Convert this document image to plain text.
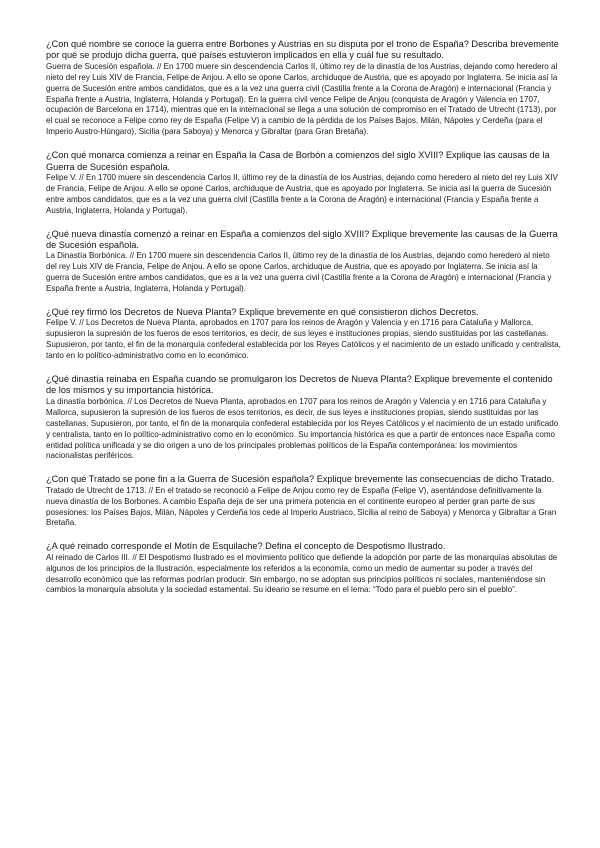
¿Con qué nombre se conoce la guerra entre Borbones y Austrias en su disputa por el trono de España? Describa brevemente por qué se produjo dicha guerra, qué países estuvieron implicados en ella y cuál fue su resultado.

Guerra de Sucesión española. // En 1700 muere sin descendencia Carlos II, último rey de la dinastía de los Austrias, dejando como heredero al nieto del rey Luis XIV de Francia, Felipe de Anjou. A ello se opone Carlos, archiduque de Austria, que es apoyado por Inglaterra. Se inicia así la guerra de Sucesión entre ambos candidatos, que es a la vez una guerra civil (Castilla frente a la Corona de Aragón) e internacional (Francia y España frente a Austria, Inglaterra, Holanda y Portugal). En la guerra civil vence Felipe de Anjou (conquista de Aragón y Valencia en 1707, ocupación de Barcelona en 1714), mientras que en la internacional se llega a una solución de compromiso en el Tratado de Utrecht (1713), por el cual se reconoce a Felipe como rey de España (Felipe V) a cambio de la pérdida de los Países Bajos, Milán, Nápoles y Cerdeña (para el Imperio Austro-Húngaro), Sicilia (para Saboya) y Menorca y Gibraltar (para Gran Bretaña).

¿Con qué monarca comienza a reinar en España la Casa de Borbón a comienzos del siglo XVIII? Explique las causas de la Guerra de Sucesión española.

Felipe V. // En 1700 muere sin descendencia Carlos II, último rey de la dinastía de los Austrias, dejando como heredero al nieto del rey Luis XIV de Francia, Felipe de Anjou. A ello se opone Carlos, archiduque de Austria, que es apoyado por Inglaterra. Se inicia así la guerra de Sucesión entre ambos candidatos, que es a la vez una guerra civil (Castilla frente a la Corona de Aragón) e internacional (Francia y España frente a Austria, Inglaterra, Holanda y Portugal).

¿Qué nueva dinastía comenzó a reinar en España a comienzos del siglo XVIII? Explique brevemente las causas de la Guerra de Sucesión española.

La Dinastía Borbónica. // En 1700 muere sin descendencia Carlos II, último rey de la dinastía de los Austrias, dejando como heredero al nieto del rey Luis XIV de Francia, Felipe de Anjou. A ello se opone Carlos, archiduque de Austria, que es apoyado por Inglaterra. Se inicia así la guerra de Sucesión entre ambos candidatos, que es a la vez una guerra civil (Castilla frente a la Corona de Aragón) e internacional (Francia y España frente a Austria, Inglaterra, Holanda y Portugal).

¿Qué rey firmó los Decretos de Nueva Planta? Explique brevemente en qué consistieron dichos Decretos.

Felipe V. // Los Decretos de Nueva Planta, aprobados en 1707 para los reinos de Aragón y Valencia y en 1716 para Cataluña y Mallorca, supusieron la supresión de los fueros de esos territorios, es decir, de sus leyes e instituciones propias, siendo sustituidas por las castellanas. Supusieron, por tanto, el fin de la monarquía confederal establecida por los Reyes Católicos y el nacimiento de un estado unificado y centralista, tanto en lo político-administrativo como en lo económico.

¿Qué dinastía reinaba en España cuando se promulgaron los Decretos de Nueva Planta? Explique brevemente el contenido de los mismos y su importancia histórica.

La dinastía borbónica. // Los Decretos de Nueva Planta, aprobados en 1707 para los reinos de Aragón y Valencia y en 1716 para Cataluña y Mallorca, supusieron la supresión de los fueros de esos territorios, es decir, de sus leyes e instituciones propias, siendo sustituidas por las castellanas. Supusieron, por tanto, el fin de la monarquía confederal establecida por los Reyes Católicos y el nacimiento de un estado unificado y centralista, tanto en lo político-administrativo como en lo económico. Su importancia histórica es que a partir de entonces nace España como entidad política unificada y se dio origen a uno de los principales problemas políticos de la España contemporánea: los movimientos nacionalistas periféricos.

¿Con qué Tratado se pone fin a la Guerra de Sucesión española? Explique brevemente las consecuencias de dicho Tratado.

Tratado de Utrecht de 1713. // En el tratado se reconoció a Felipe de Anjou como rey de España (Felipe V), asentándose definitivamente la nueva dinastía de los Borbones. A cambio España deja de ser una primera potencia en el continente europeo al perder gran parte de sus posesiones: los Países Bajos, Milán, Nápoles y Cerdeña los cede al Imperio Austriaco, Sicilia al reino de Saboya) y Menorca y Gibraltar a Gran Bretaña.

¿A qué reinado corresponde el Motín de Esquilache? Defina el concepto de Despotismo Ilustrado.

Al reinado de Carlos III. // El Despotismo Ilustrado es el movimiento político que defiende la adopción por parte de las monarquías absolutas de algunos de los principios de la Ilustración, especialmente los referidos a la economía, como un medio de aumentar su poder a través del desarrollo económico que las reformas podrían producir. Sin embargo, no se adoptan sus principios políticos ni sociales, manteniéndose sin cambios la monarquía absoluta y la sociedad estamental. Su ideario se resume en el lema: “Todo para el pueblo pero sin el pueblo”.
